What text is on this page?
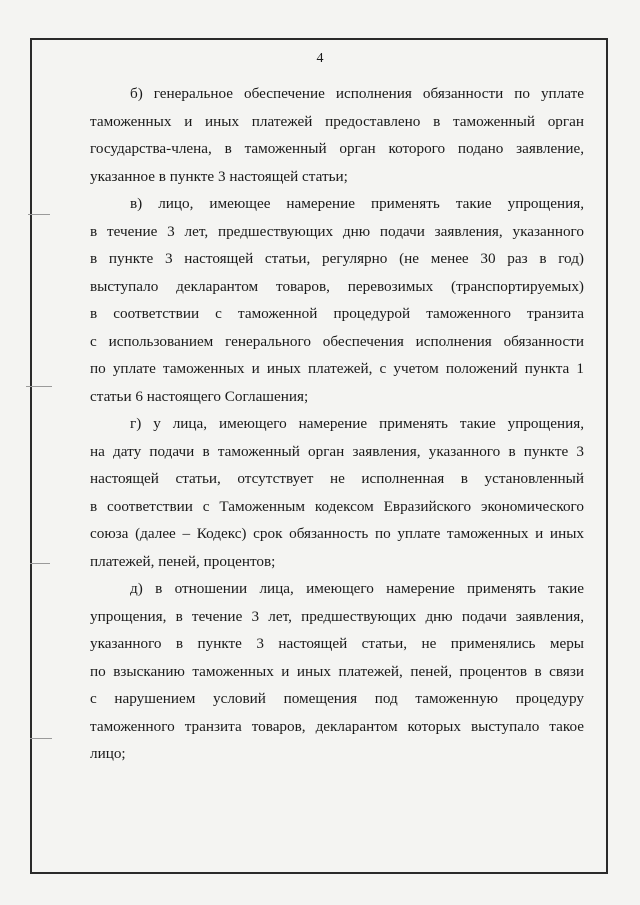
4
б) генеральное обеспечение исполнения обязанности по уплате
таможенных и иных платежей предоставлено в таможенный орган
государства-члена, в таможенный орган которого подано заявление,
указанное в пункте 3 настоящей статьи;
в) лицо, имеющее намерение применять такие упрощения,
в течение 3 лет, предшествующих дню подачи заявления, указанного
в пункте 3 настоящей статьи, регулярно (не менее 30 раз в год)
выступало декларантом товаров, перевозимых (транспортируемых)
в соответствии с таможенной процедурой таможенного транзита
с использованием генерального обеспечения исполнения обязанности
по уплате таможенных и иных платежей, с учетом положений пункта 1
статьи 6 настоящего Соглашения;
г) у лица, имеющего намерение применять такие упрощения,
на дату подачи в таможенный орган заявления, указанного в пункте 3
настоящей статьи, отсутствует не исполненная в установленный
в соответствии с Таможенным кодексом Евразийского экономического
союза (далее – Кодекс) срок обязанность по уплате таможенных и иных
платежей, пеней, процентов;
д) в отношении лица, имеющего намерение применять такие
упрощения, в течение 3 лет, предшествующих дню подачи заявления,
указанного в пункте 3 настоящей статьи, не применялись меры
по взысканию таможенных и иных платежей, пеней, процентов в связи
с нарушением условий помещения под таможенную процедуру
таможенного транзита товаров, декларантом которых выступало такое
лицо;
